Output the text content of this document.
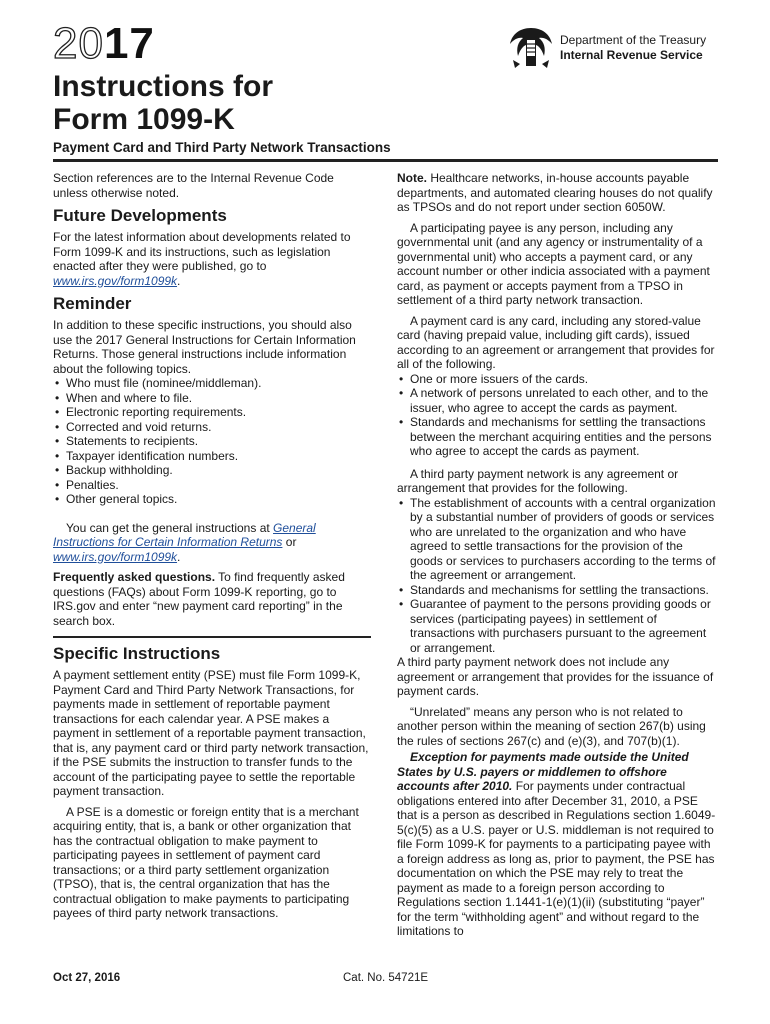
2017	Department of the Treasury
Internal Revenue Service
Instructions for
Form 1099-K
Payment Card and Third Party Network Transactions

Section references are to the Internal Revenue Code unless otherwise noted.

Future Developments

For the latest information about developments related to Form 1099-K and its instructions, such as legislation enacted after they were published, go to www.irs.gov/form1099k.

Reminder

In addition to these specific instructions, you should also use the 2017 General Instructions for Certain Information Returns. Those general instructions include information about the following topics.

• Who must file (nominee/middleman).
• When and where to file.
• Electronic reporting requirements.
• Corrected and void returns.
• Statements to recipients.
• Taxpayer identification numbers.
• Backup withholding.
• Penalties.
• Other general topics.

You can get the general instructions at General Instructions for Certain Information Returns or www.irs.gov/form1099k.

Frequently asked questions. To find frequently asked questions (FAQs) about Form 1099-K reporting, go to IRS.gov and enter “new payment card reporting” in the search box.

Specific Instructions

A payment settlement entity (PSE) must file Form 1099-K, Payment Card and Third Party Network Transactions, for payments made in settlement of reportable payment transactions for each calendar year. A PSE makes a payment in settlement of a reportable payment transaction, that is, any payment card or third party network transaction, if the PSE submits the instruction to transfer funds to the account of the participating payee to settle the reportable payment transaction.

A PSE is a domestic or foreign entity that is a merchant acquiring entity, that is, a bank or other organization that has the contractual obligation to make payment to participating payees in settlement of payment card transactions; or a third party settlement organization (TPSO), that is, the central organization that has the contractual obligation to make payments to participating payees of third party network transactions.

Note. Healthcare networks, in-house accounts payable departments, and automated clearing houses do not qualify as TPSOs and do not report under section 6050W.

A participating payee is any person, including any governmental unit (and any agency or instrumentality of a governmental unit) who accepts a payment card, or any account number or other indicia associated with a payment card, as payment or accepts payment from a TPSO in settlement of a third party network transaction.

A payment card is any card, including any stored-value card (having prepaid value, including gift cards), issued according to an agreement or arrangement that provides for all of the following.

• One or more issuers of the cards.
• A network of persons unrelated to each other, and to the issuer, who agree to accept the cards as payment.
• Standards and mechanisms for settling the transactions between the merchant acquiring entities and the persons who agree to accept the cards as payment.

A third party payment network is any agreement or arrangement that provides for the following.

• The establishment of accounts with a central organization by a substantial number of providers of goods or services who are unrelated to the organization and who have agreed to settle transactions for the provision of the goods or services to purchasers according to the terms of the agreement or arrangement.
• Standards and mechanisms for settling the transactions.
• Guarantee of payment to the persons providing goods or services (participating payees) in settlement of transactions with purchasers pursuant to the agreement or arrangement.

A third party payment network does not include any agreement or arrangement that provides for the issuance of payment cards.

“Unrelated” means any person who is not related to another person within the meaning of section 267(b) using the rules of sections 267(c) and (e)(3), and 707(b)(1).

Exception for payments made outside the United States by U.S. payers or middlemen to offshore accounts after 2010. For payments under contractual obligations entered into after December 31, 2010, a PSE that is a person as described in Regulations section 1.6049-5(c)(5) as a U.S. payer or U.S. middleman is not required to file Form 1099-K for payments to a participating payee with a foreign address as long as, prior to payment, the PSE has documentation on which the PSE may rely to treat the payment as made to a foreign person according to Regulations section 1.1441-1(e)(1)(ii) (substituting “payer” for the term “withholding agent” and without regard to the limitations to

Oct 27, 2016	Cat. No. 54721E
